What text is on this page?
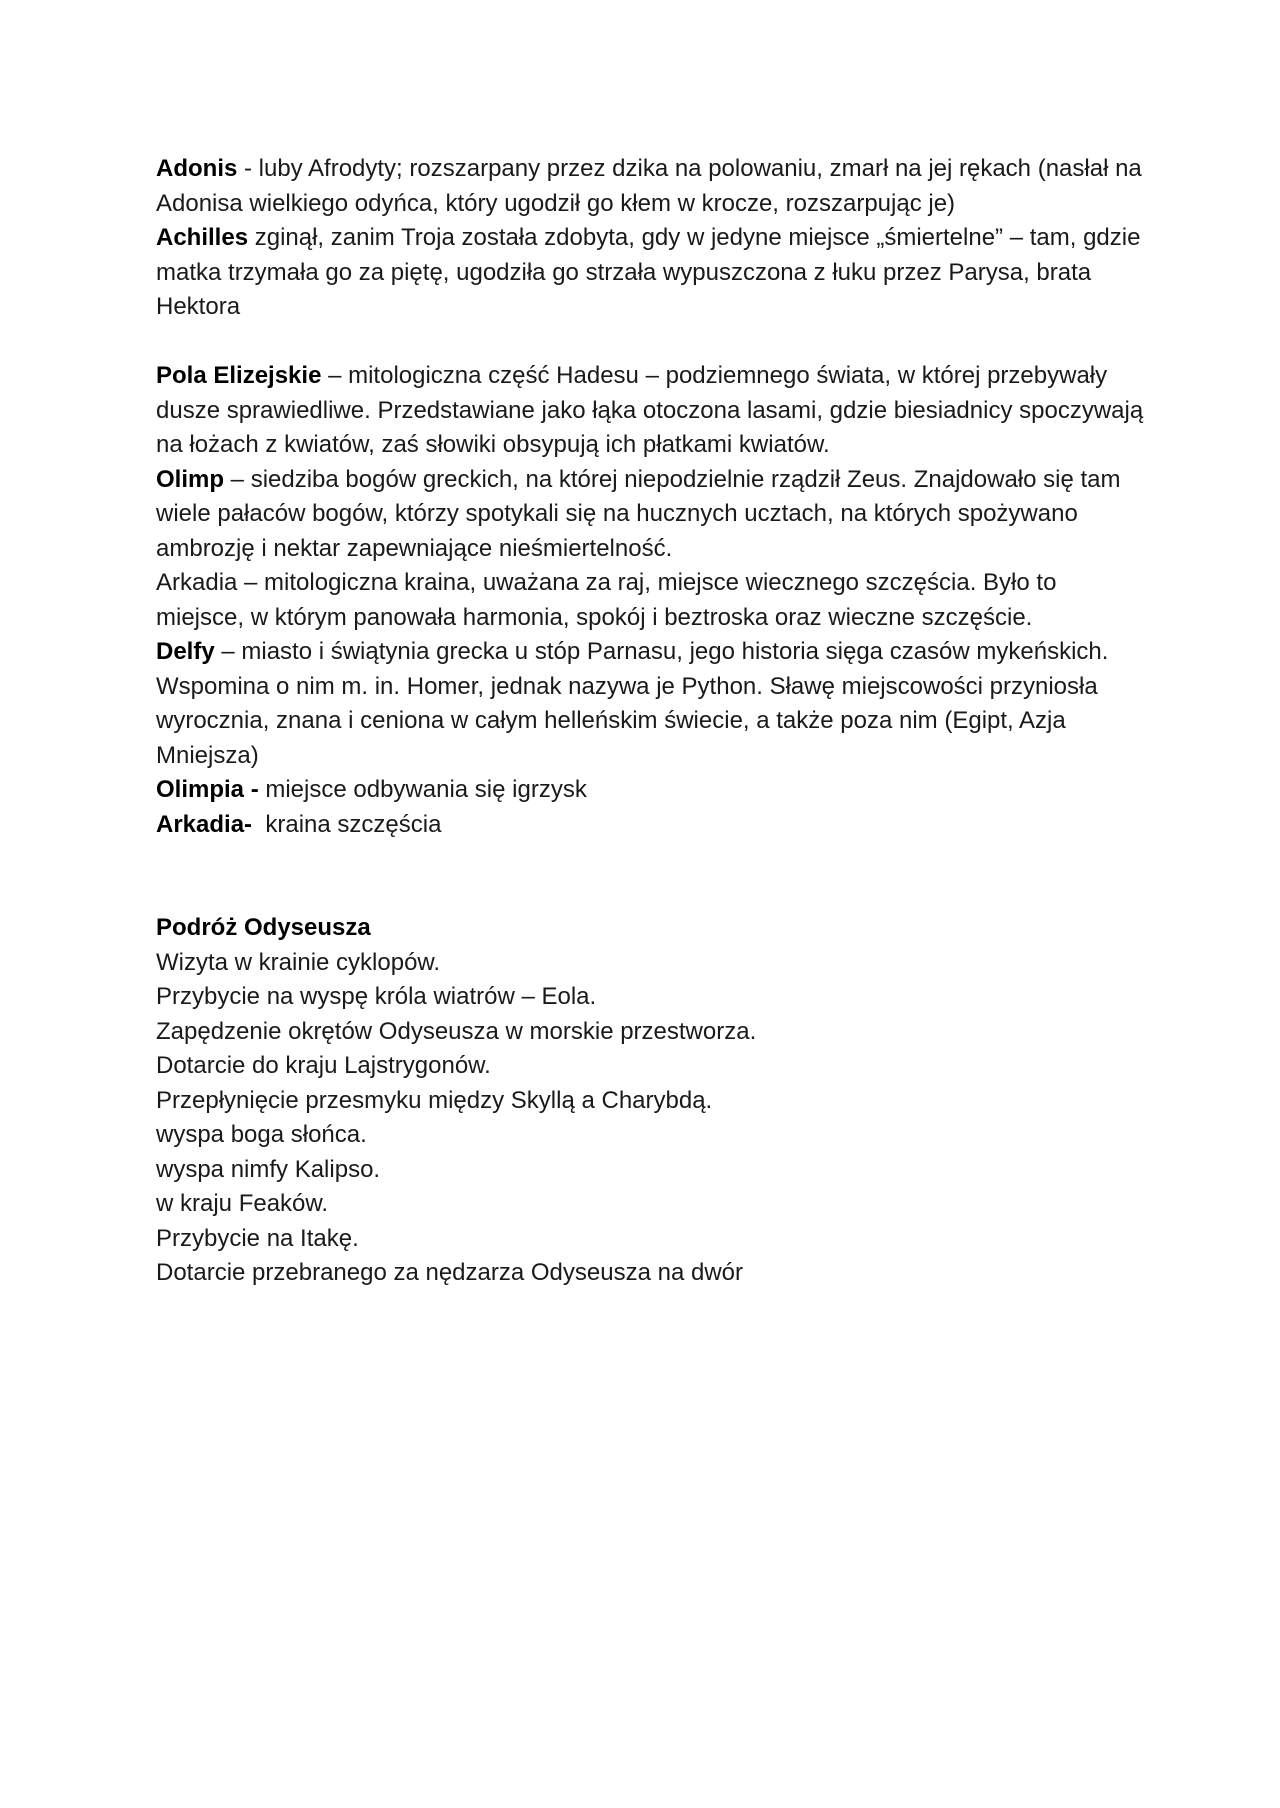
Adonis - luby Afrodyty; rozszarpany przez dzika na polowaniu, zmarł na jej rękach (nasłał na Adonisa wielkiego odyńca, który ugodził go kłem w krocze, rozszarpując je)

Achilles zginął, zanim Troja została zdobyta, gdy w jedyne miejsce „śmiertelne” – tam, gdzie matka trzymała go za piętę, ugodziła go strzała wypuszczona z łuku przez Parysa, brata Hektora

Pola Elizejskie – mitologiczna część Hadesu – podziemnego świata, w której przebywały dusze sprawiedliwe. Przedstawiane jako łąka otoczona lasami, gdzie biesiadnicy spoczywają na łożach z kwiatów, zaś słowiki obsypują ich płatkami kwiatów.

Olimp – siedziba bogów greckich, na której niepodzielnie rządził Zeus. Znajdowało się tam wiele pałaców bogów, którzy spotykali się na hucznych ucztach, na których spożywano ambrozję i nektar zapewniające nieśmiertelność.

Arkadia – mitologiczna kraina, uważana za raj, miejsce wiecznego szczęścia. Było to miejsce, w którym panowała harmonia, spokój i beztroska oraz wieczne szczęście.

Delfy – miasto i świątynia grecka u stóp Parnasu, jego historia sięga czasów mykeńskich. Wspomina o nim m. in. Homer, jednak nazywa je Python. Sławę miejscowości przyniosła wyrocznia, znana i ceniona w całym helleńskim świecie, a także poza nim (Egipt, Azja Mniejsza)

Olimpia - miejsce odbywania się igrzysk

Arkadia-  kraina szczęścia

Podróż Odyseusza

Wizyta w krainie cyklopów.
Przybycie na wyspę króla wiatrów – Eola.
Zapędzenie okrętów Odyseusza w morskie przestworza.
Dotarcie do kraju Lajstrygonów.
Przepłynięcie przesmyku między Skyllą a Charybdą.
wyspa boga słońca.
wyspa nimfy Kalipso.
w kraju Feaków.
Przybycie na Itakę.
Dotarcie przebranego za nędzarza Odyseusza na dwór
